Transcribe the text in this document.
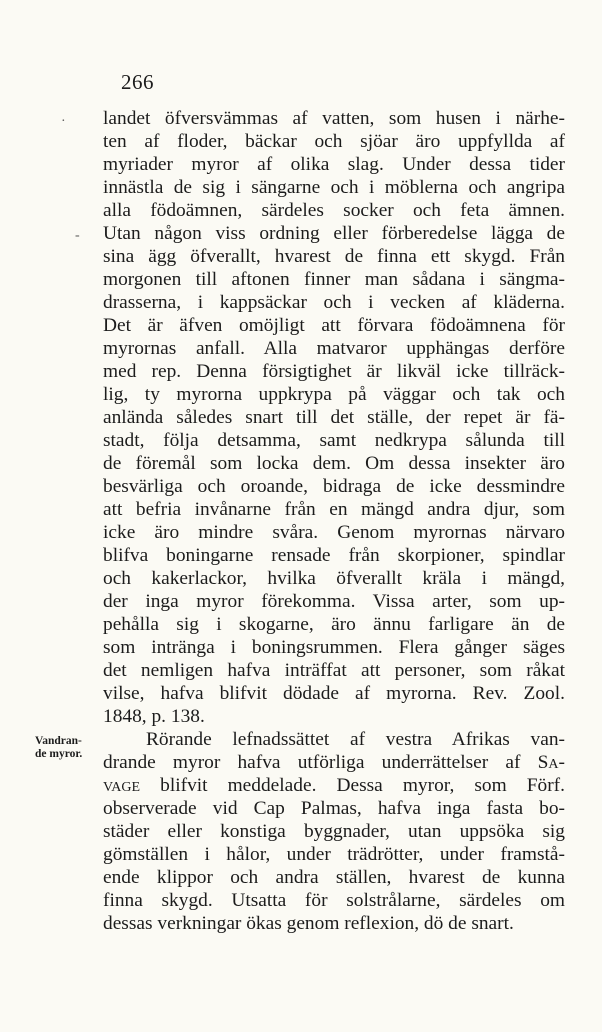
266
·
-
landet öfversvämmas af vatten, som husen i närhe-
ten af floder, bäckar och sjöar äro uppfyllda af
myriader myror af olika slag. Under dessa tider
innästla de sig i sängarne och i möblerna och angripa
alla födoämnen, särdeles socker och feta ämnen.
Utan någon viss ordning eller förberedelse lägga de
sina ägg öfverallt, hvarest de finna ett skygd. Från
morgonen till aftonen finner man sådana i sängma-
drasserna, i kappsäckar och i vecken af kläderna.
Det är äfven omöjligt att förvara födoämnena för
myrornas anfall. Alla matvaror upphängas derföre
med rep. Denna försigtighet är likväl icke tillräck-
lig, ty myrorna uppkrypa på väggar och tak och
anlända således snart till det ställe, der repet är fä-
stadt, följa detsamma, samt nedkrypa sålunda till
de föremål som locka dem. Om dessa insekter äro
besvärliga och oroande, bidraga de icke dessmindre
att befria invånarne från en mängd andra djur, som
icke äro mindre svåra. Genom myrornas närvaro
blifva boningarne rensade från skorpioner, spindlar
och kakerlackor, hvilka öfverallt kräla i mängd,
der inga myror förekomma. Vissa arter, som up-
pehålla sig i skogarne, äro ännu farligare än de
som intränga i boningsrummen. Flera gånger säges
det nemligen hafva inträffat att personer, som råkat
vilse, hafva blifvit dödade af myrorna. Rev. Zool.
1848, p. 138.
Rörande lefnadssättet af vestra Afrikas van-
drande myror hafva utförliga underrättelser af Sa-
vage blifvit meddelade. Dessa myror, som Förf.
observerade vid Cap Palmas, hafva inga fasta bo-
städer eller konstiga byggnader, utan uppsöka sig
gömställen i hålor, under trädrötter, under framstå-
ende klippor och andra ställen, hvarest de kunna
finna skygd. Utsatta för solstrålarne, särdeles om
dessas verkningar ökas genom reflexion, dö de snart.
Vandran-
de myror.
